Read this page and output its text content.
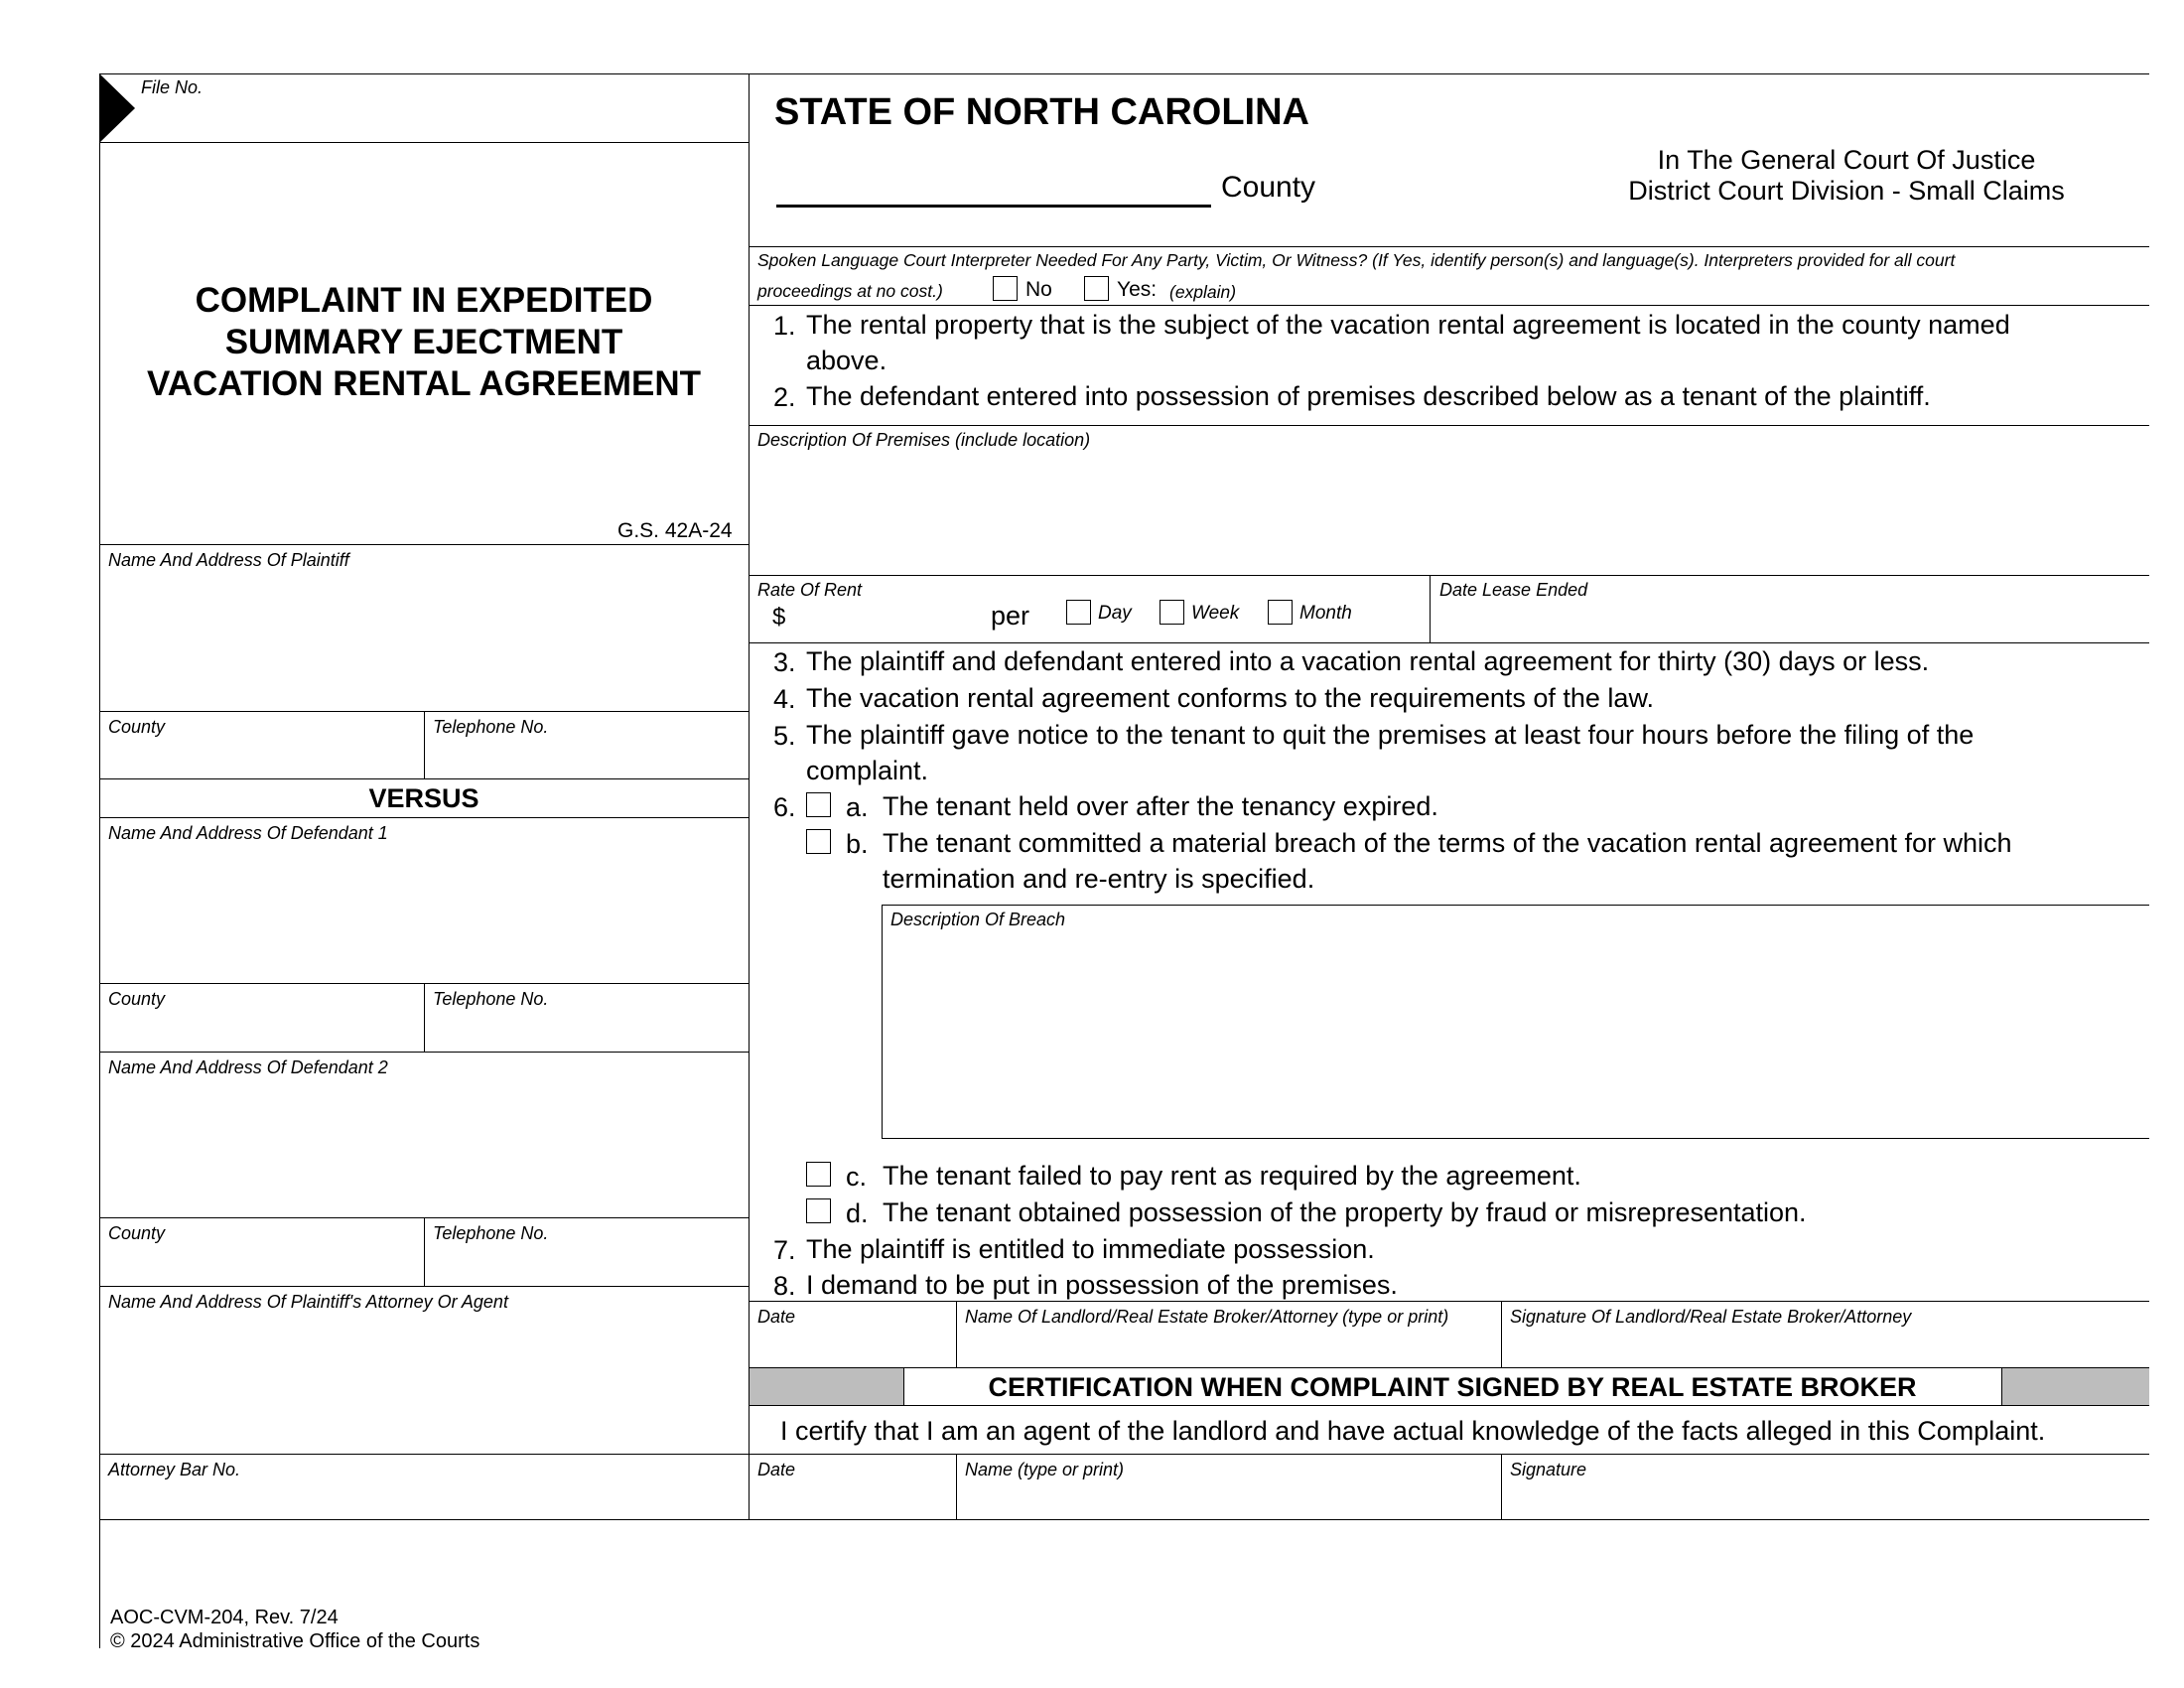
File No.
STATE OF NORTH CAROLINA
County
In The General Court Of Justice
District Court Division - Small Claims
COMPLAINT IN EXPEDITED
SUMMARY EJECTMENT
VACATION RENTAL AGREEMENT
G.S. 42A-24
Spoken Language Court Interpreter Needed For Any Party, Victim, Or Witness? (If Yes, identify person(s) and language(s). Interpreters provided for all court
proceedings at no cost.)	No	Yes: (explain)
1. The rental property that is the subject of the vacation rental agreement is located in the county named
above.
2. The defendant entered into possession of premises described below as a tenant of the plaintiff.
Description Of Premises (include location)
Rate Of Rent
$	per	Day	Week	Month
Date Lease Ended
3. The plaintiff and defendant entered into a vacation rental agreement for thirty (30) days or less.
4. The vacation rental agreement conforms to the requirements of the law.
5. The plaintiff gave notice to the tenant to quit the premises at least four hours before the filing of the
complaint.
6. a. The tenant held over after the tenancy expired.
b. The tenant committed a material breach of the terms of the vacation rental agreement for which
termination and re-entry is specified.
Description Of Breach
c. The tenant failed to pay rent as required by the agreement.
d. The tenant obtained possession of the property by fraud or misrepresentation.
7. The plaintiff is entitled to immediate possession.
8. I demand to be put in possession of the premises.
Date	Name Of Landlord/Real Estate Broker/Attorney (type or print)	Signature Of Landlord/Real Estate Broker/Attorney
CERTIFICATION WHEN COMPLAINT SIGNED BY REAL ESTATE BROKER
I certify that I am an agent of the landlord and have actual knowledge of the facts alleged in this Complaint.
Date	Name (type or print)	Signature
Name And Address Of Plaintiff
County	Telephone No.
VERSUS
Name And Address Of Defendant 1
County	Telephone No.
Name And Address Of Defendant 2
County	Telephone No.
Name And Address Of Plaintiff's Attorney Or Agent
Attorney Bar No.
AOC-CVM-204, Rev. 7/24
© 2024 Administrative Office of the Courts
